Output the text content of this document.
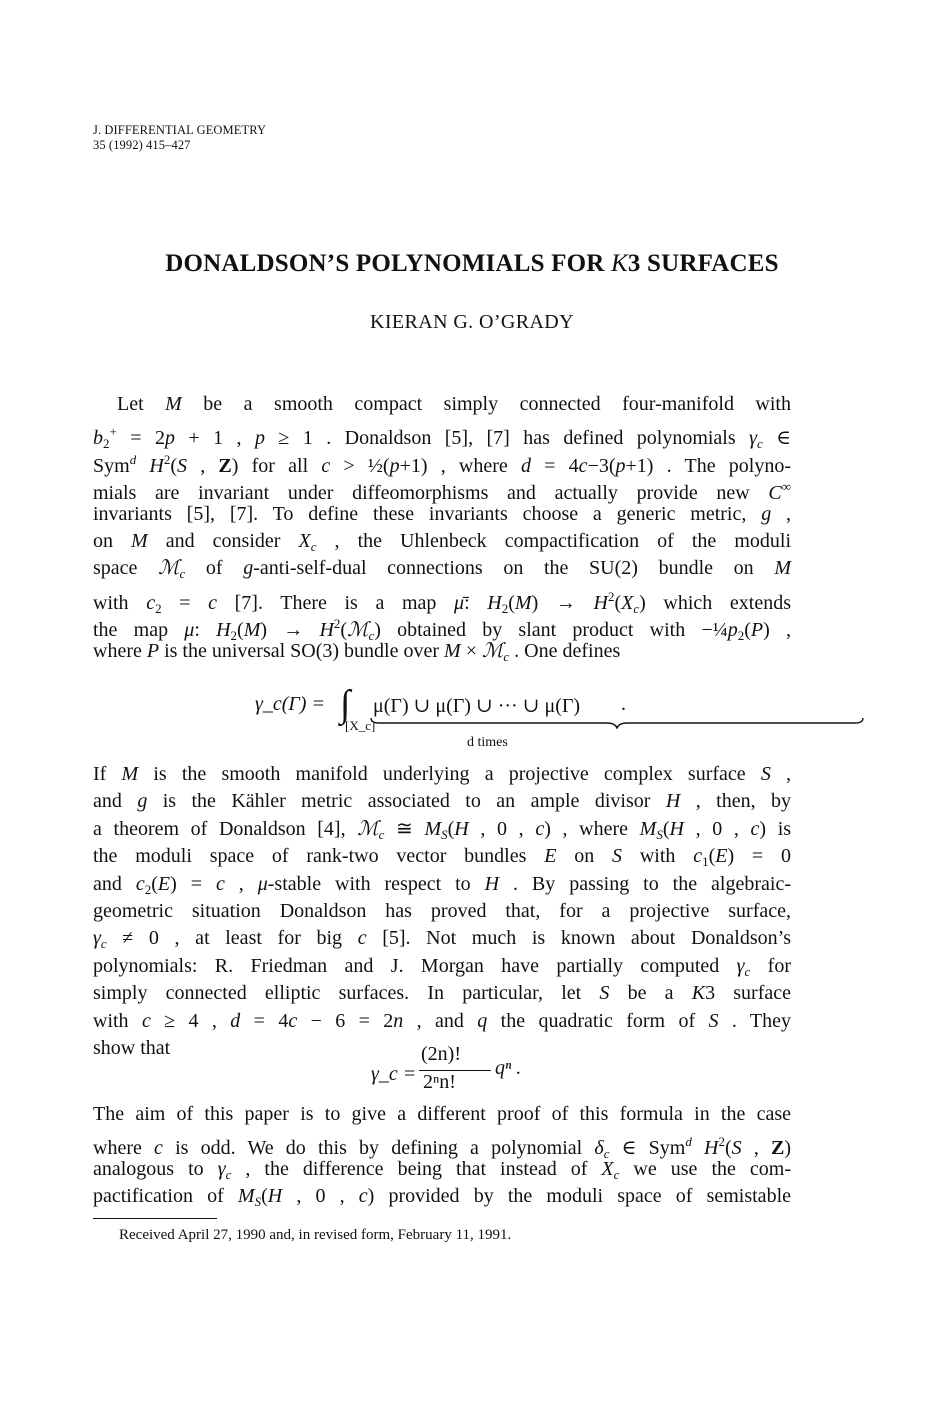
J. DIFFERENTIAL GEOMETRY
35 (1992) 415–427
DONALDSON’S POLYNOMIALS FOR K3 SURFACES
KIERAN G. O’GRADY
Let M be a smooth compact simply connected four-manifold with
$b_2^+ = 2p + 1$ , p ≥ 1 . Donaldson [5], [7] has defined polynomials $\gamma_c$ ∈
Sym$^d$ $H^2(S$ , Z) for all c > ½(p+1) , where d = 4c−3(p+1) . The polyno-
mials are invariant under diffeomorphisms and actually provide new C∞
invariants [5], [7]. To define these invariants choose a generic metric, g ,
on M and consider $X_c$ , the Uhlenbeck compactification of the moduli
space ℳ$_c$ of g-anti-self-dual connections on the SU(2) bundle on M
with $c_2 = c$ [7]. There is a map μ̄: $H_2(M) \to H^2(X_c)$ which extends
the map μ: $H_2(M)$ → $H^2(ℳ_c)$ obtained by slant product with $-\frac{1}{4}p_2(P)$ ,
where P is the universal SO(3) bundle over M × ℳ$_c$ . One defines
γ_c(Γ) = ∫
[X_c]
μ(Γ) ∪ μ(Γ) ∪ ··· ∪ μ(Γ)
d times
.
If M is the smooth manifold underlying a projective complex surface S ,
and g is the Kähler metric associated to an ample divisor H , then, by
a theorem of Donaldson [4], ℳ$_c$ ≅ $M_S(H$ , 0 , c) , where $M_S(H$ , 0 , c) is
the moduli space of rank-two vector bundles E on S with $c_1(E) = 0$
and $c_2(E) = c$ , μ-stable with respect to H . By passing to the algebraic-
geometric situation Donaldson has proved that, for a projective surface,
$\gamma_c \ne 0$ , at least for big c [5]. Not much is known about Donaldson’s
polynomials: R. Friedman and J. Morgan have partially computed $\gamma_c$ for
simply connected elliptic surfaces. In particular, let S be a K3 surface
with c ≥ 4 , d = 4c − 6 = 2n , and q the quadratic form of S . They
show that
γ_c =
(2n)!
2ⁿn!
qⁿ .
The aim of this paper is to give a different proof of this formula in the case
where c is odd. We do this by defining a polynomial $\delta_c$ ∈ Sym$^d$ $H^2(S$ , Z)
analogous to $\gamma_c$ , the difference being that instead of $X_c$ we use the com-
pactification of $M_S(H$ , 0 , c) provided by the moduli space of semistable
Received April 27, 1990 and, in revised form, February 11, 1991.
